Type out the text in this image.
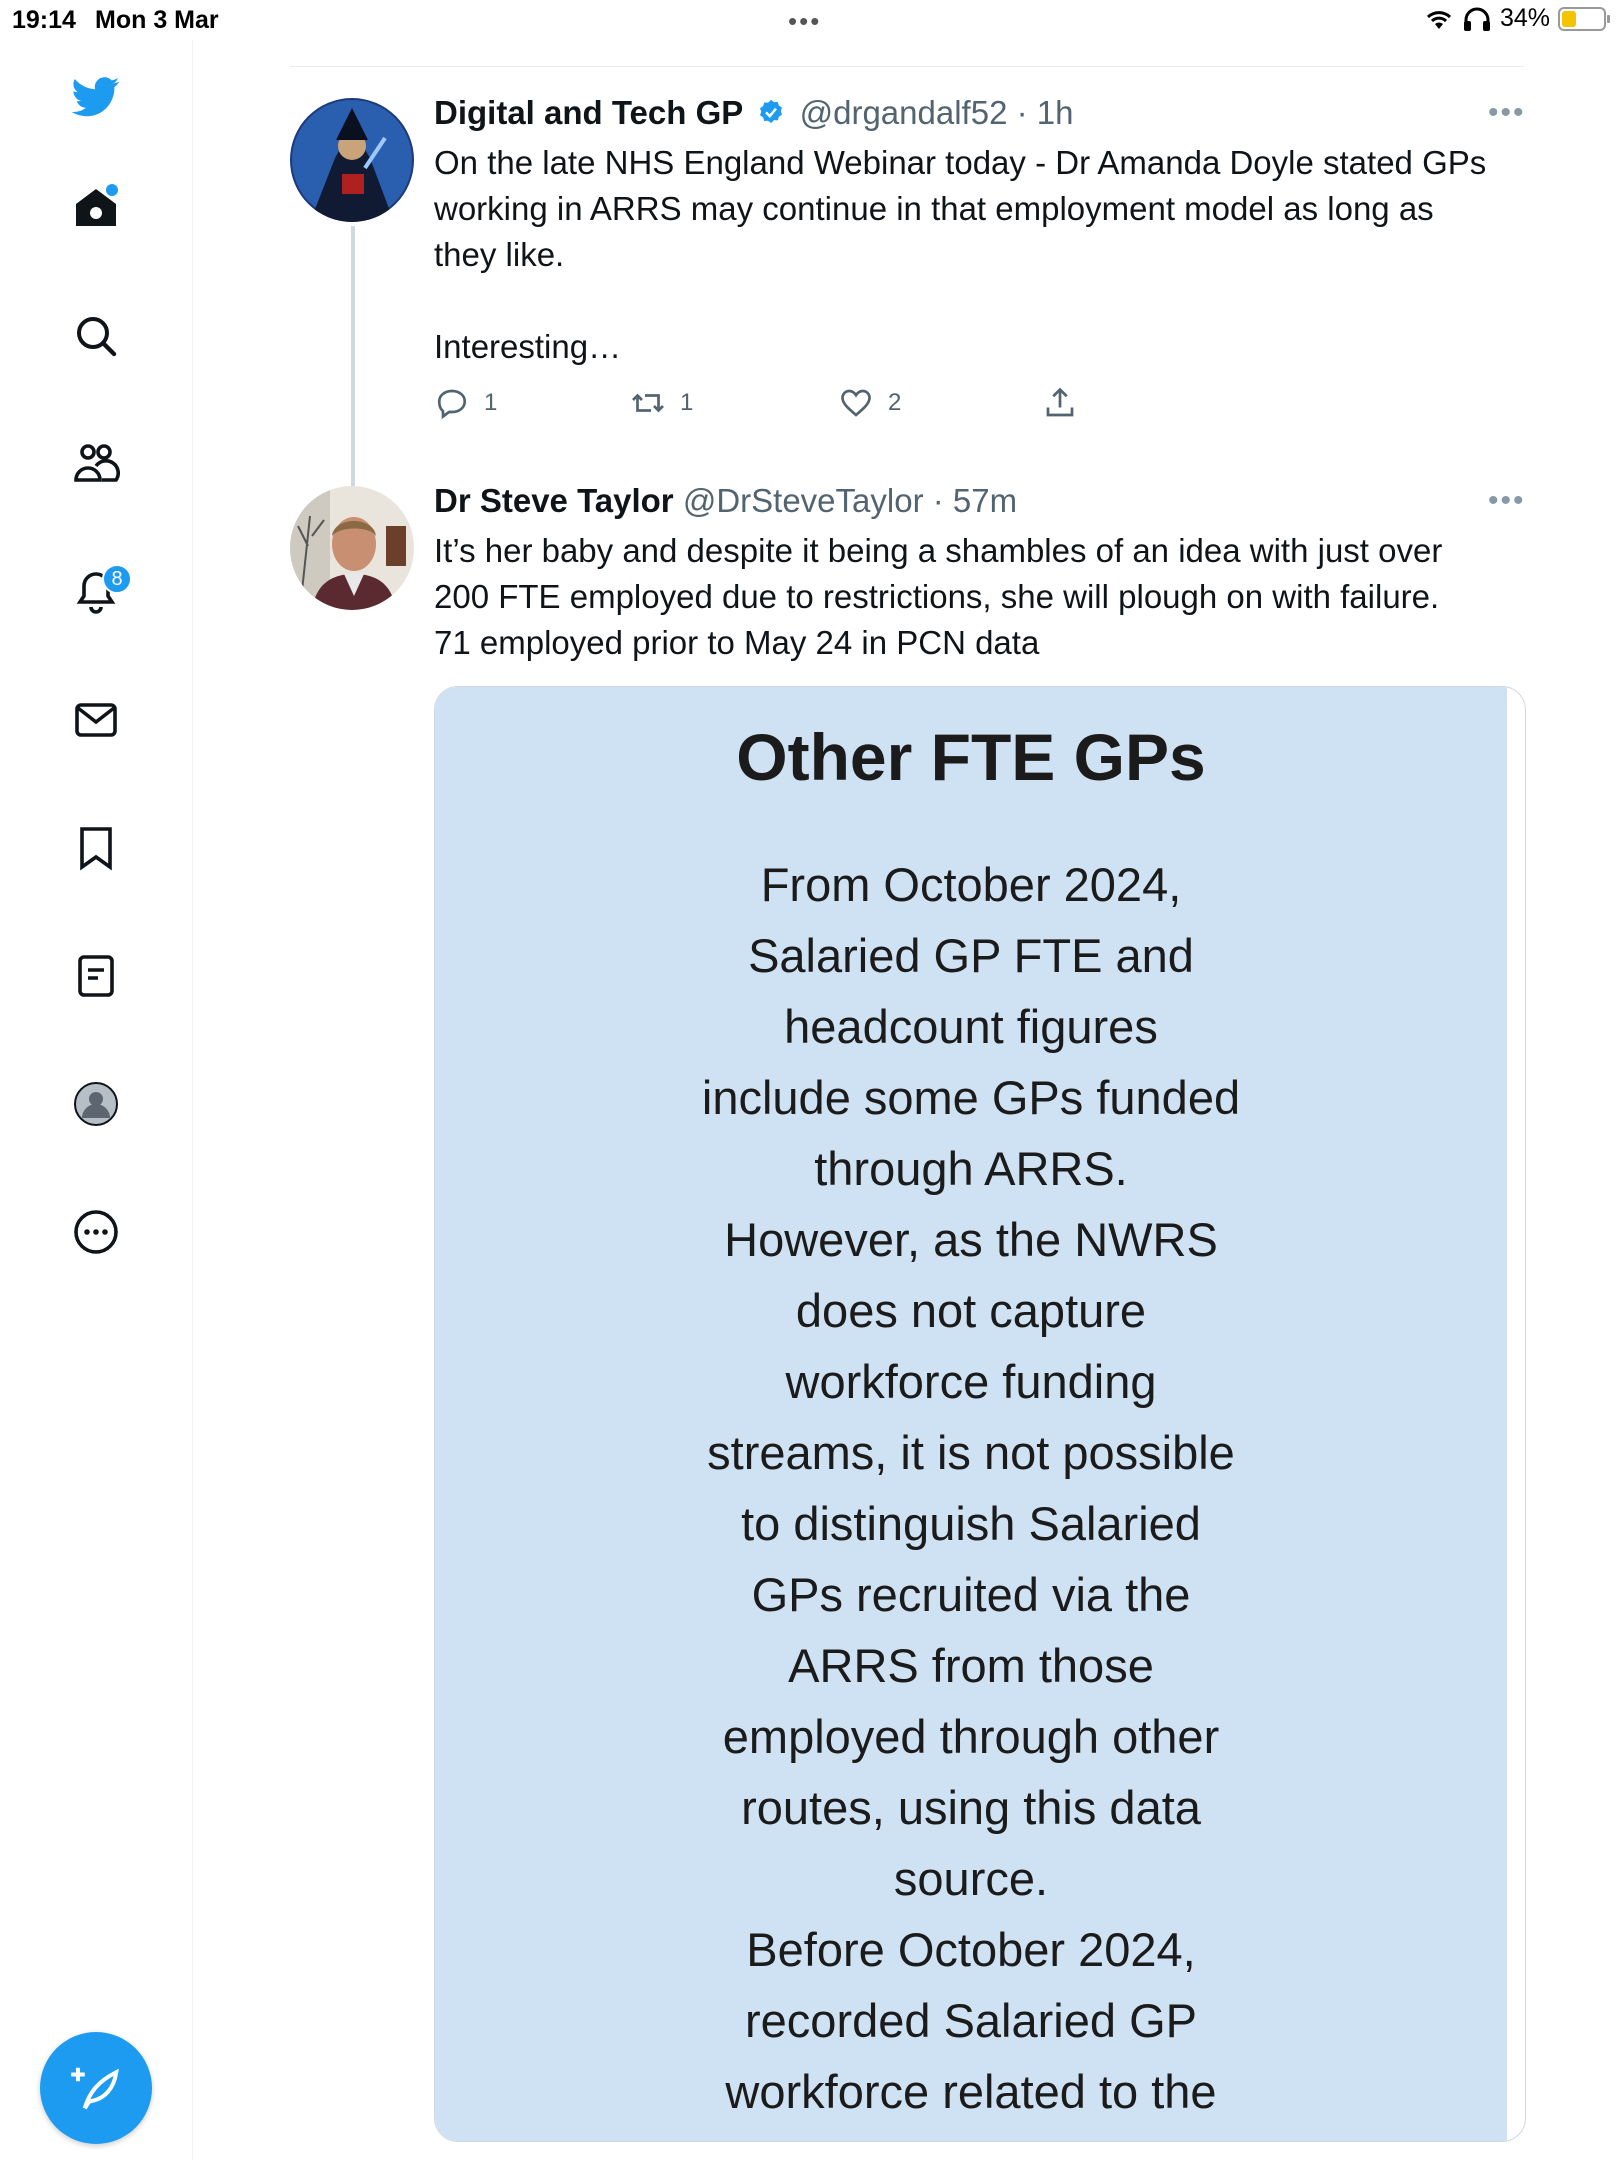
19:14 Mon 3 Mar	•••	34%
8
Digital and Tech GP @drgandalf52 · 1h	•••
On the late NHS England Webinar today - Dr Amanda Doyle stated GPs
working in ARRS may continue in that employment model as long as
they like.
Interesting…
1	1	2
Dr Steve Taylor @DrSteveTaylor · 57m	•••
It’s her baby and despite it being a shambles of an idea with just over
200 FTE employed due to restrictions, she will plough on with failure.
71 employed prior to May 24 in PCN data
Other FTE GPs
From October 2024,
Salaried GP FTE and
headcount figures
include some GPs funded
through ARRS.
However, as the NWRS
does not capture
workforce funding
streams, it is not possible
to distinguish Salaried
GPs recruited via the
ARRS from those
employed through other
routes, using this data
source.
Before October 2024,
recorded Salaried GP
workforce related to the
